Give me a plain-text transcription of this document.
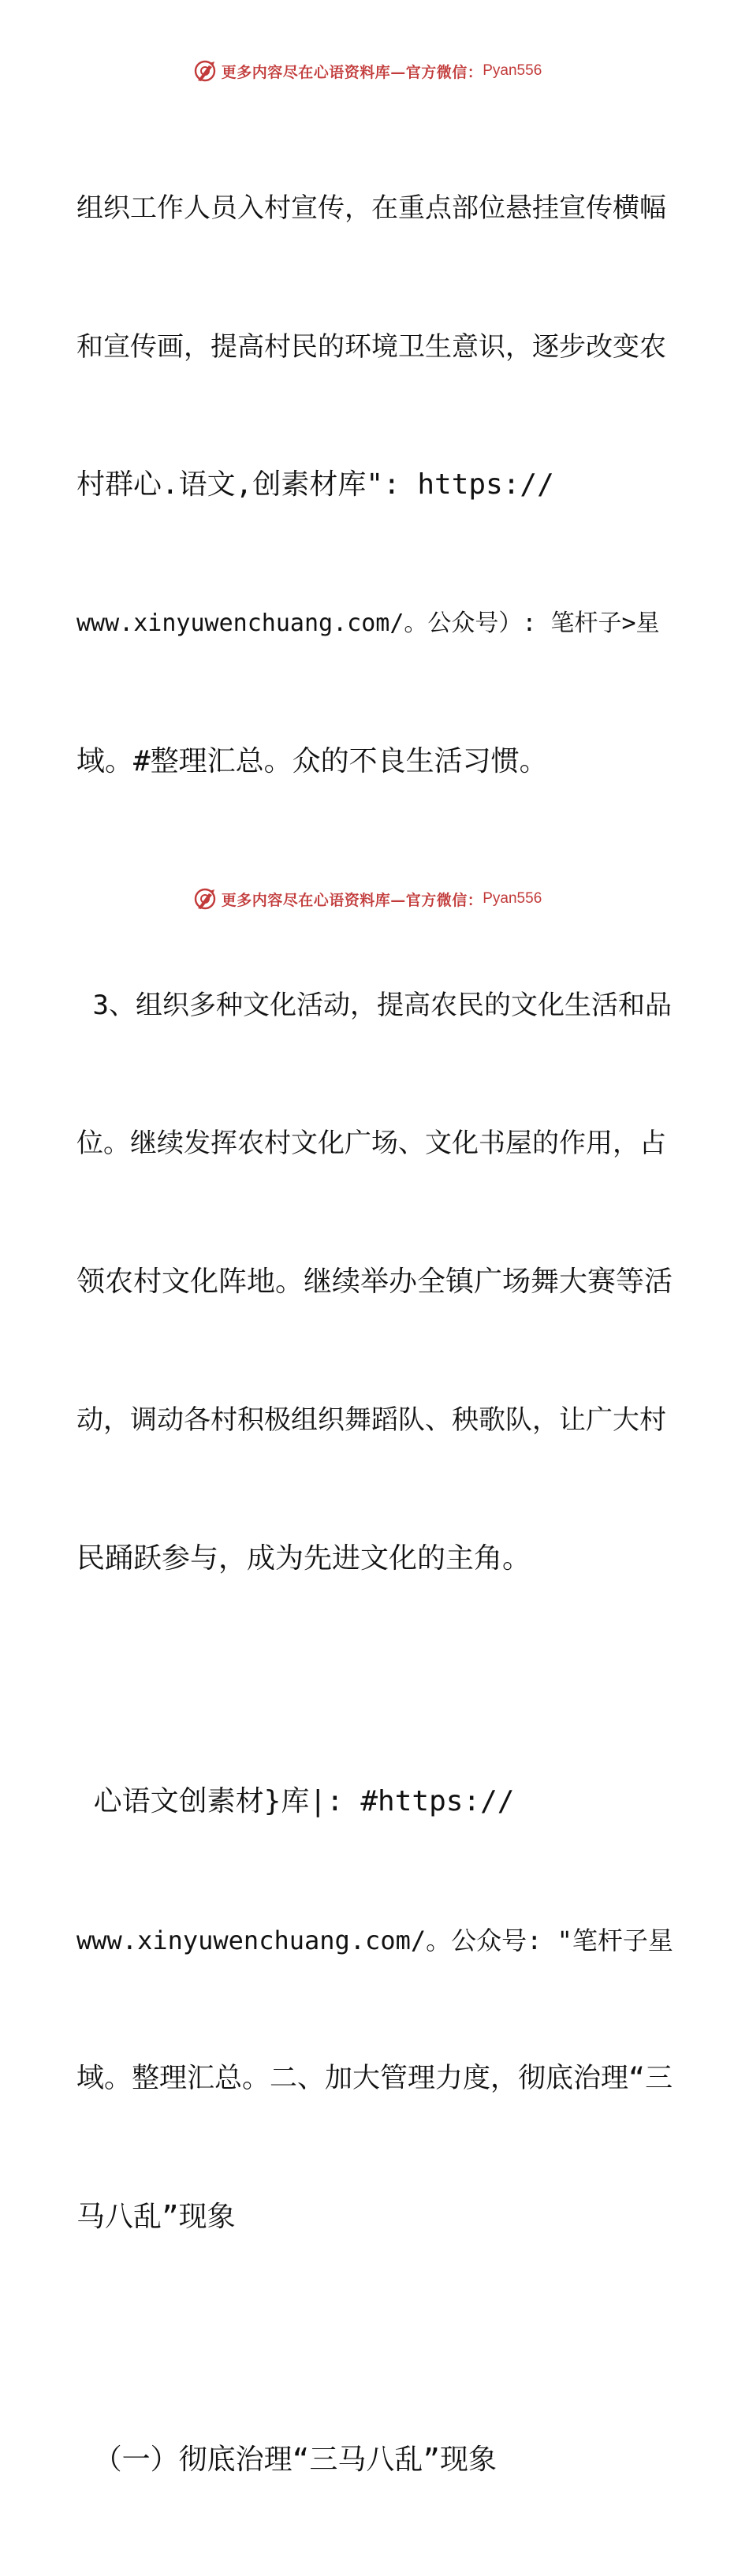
更多内容尽在心语资料库—官方微信： Pyan556

组织工作人员入村宣传，在重点部位悬挂宣传横幅

和宣传画，提高村民的环境卫生意识，逐步改变农

村群心.语文,创素材库": https://

www.xinyuwenchuang.com/。公众号）: 笔杆子>星

域。#整理汇总。众的不良生活习惯。

3、组织多种文化活动，提高农民的文化生活和品

位。继续发挥农村文化广场、文化书屋的作用，占

领农村文化阵地。继续举办全镇广场舞大赛等活

动，调动各村积极组织舞蹈队、秧歌队，让广大村

民踊跃参与，成为先进文化的主角。

心语文创素材}库|: #https://

www.xinyuwenchuang.com/。公众号: "笔杆子星

域。整理汇总。二、加大管理力度，彻底治理“三

马八乱”现象

（一）彻底治理“三马八乱”现象

更多内容尽在心语资料库—官方微信： Pyan556
